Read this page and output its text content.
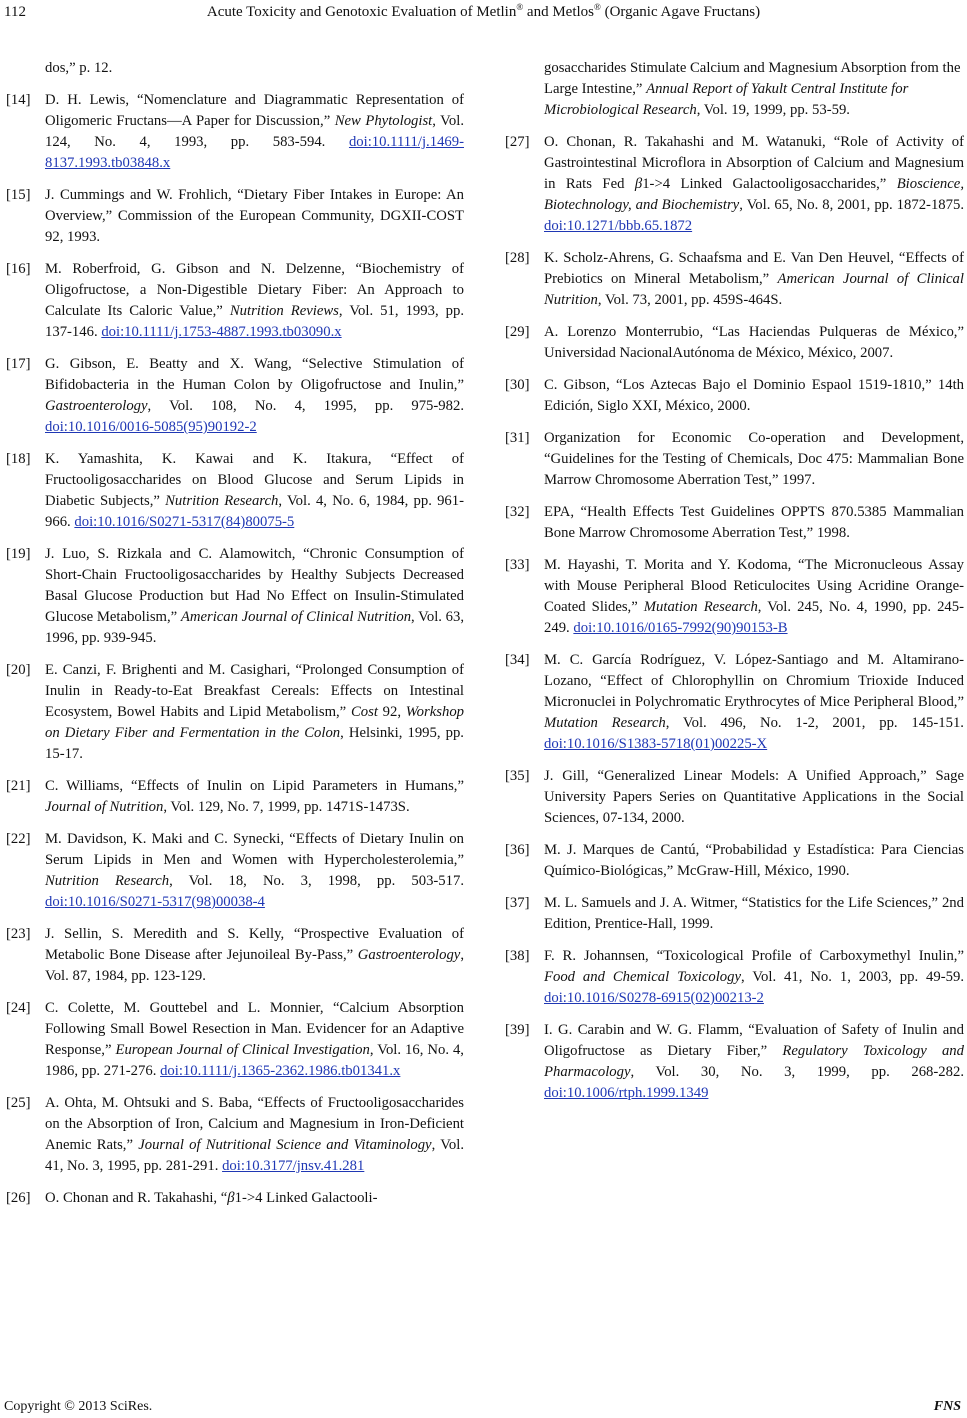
112	Acute Toxicity and Genotoxic Evaluation of Metlin® and Metlos® (Organic Agave Fructans)
dos,” p. 12.
[14] D. H. Lewis, “Nomenclature and Diagrammatic Representation of Oligomeric Fructans—A Paper for Discussion,” New Phytologist, Vol. 124, No. 4, 1993, pp. 583-594. doi:10.1111/j.1469-8137.1993.tb03848.x
[15] J. Cummings and W. Frohlich, “Dietary Fiber Intakes in Europe: An Overview,” Commission of the European Community, DGXII-COST 92, 1993.
[16] M. Roberfroid, G. Gibson and N. Delzenne, “Biochemistry of Oligofructose, a Non-Digestible Dietary Fiber: An Approach to Calculate Its Caloric Value,” Nutrition Reviews, Vol. 51, 1993, pp. 137-146. doi:10.1111/j.1753-4887.1993.tb03090.x
[17] G. Gibson, E. Beatty and X. Wang, “Selective Stimulation of Bifidobacteria in the Human Colon by Oligofructose and Inulin,” Gastroenterology, Vol. 108, No. 4, 1995, pp. 975-982. doi:10.1016/0016-5085(95)90192-2
[18] K. Yamashita, K. Kawai and K. Itakura, “Effect of Fructooligosaccharides on Blood Glucose and Serum Lipids in Diabetic Subjects,” Nutrition Research, Vol. 4, No. 6, 1984, pp. 961-966. doi:10.1016/S0271-5317(84)80075-5
[19] J. Luo, S. Rizkala and C. Alamowitch, “Chronic Consumption of Short-Chain Fructooligosaccharides by Healthy Subjects Decreased Basal Glucose Production but Had No Effect on Insulin-Stimulated Glucose Metabolism,” American Journal of Clinical Nutrition, Vol. 63, 1996, pp. 939-945.
[20] E. Canzi, F. Brighenti and M. Casighari, “Prolonged Consumption of Inulin in Ready-to-Eat Breakfast Cereals: Effects on Intestinal Ecosystem, Bowel Habits and Lipid Metabolism,” Cost 92, Workshop on Dietary Fiber and Fermentation in the Colon, Helsinki, 1995, pp. 15-17.
[21] C. Williams, “Effects of Inulin on Lipid Parameters in Humans,” Journal of Nutrition, Vol. 129, No. 7, 1999, pp. 1471S-1473S.
[22] M. Davidson, K. Maki and C. Synecki, “Effects of Dietary Inulin on Serum Lipids in Men and Women with Hypercholesterolemia,” Nutrition Research, Vol. 18, No. 3, 1998, pp. 503-517. doi:10.1016/S0271-5317(98)00038-4
[23] J. Sellin, S. Meredith and S. Kelly, “Prospective Evaluation of Metabolic Bone Disease after Jejunoileal By-Pass,” Gastroenterology, Vol. 87, 1984, pp. 123-129.
[24] C. Colette, M. Gouttebel and L. Monnier, “Calcium Absorption Following Small Bowel Resection in Man. Evidencer for an Adaptive Response,” European Journal of Clinical Investigation, Vol. 16, No. 4, 1986, pp. 271-276. doi:10.1111/j.1365-2362.1986.tb01341.x
[25] A. Ohta, M. Ohtsuki and S. Baba, “Effects of Fructooligosaccharides on the Absorption of Iron, Calcium and Magnesium in Iron-Deficient Anemic Rats,” Journal of Nutritional Science and Vitaminology, Vol. 41, No. 3, 1995, pp. 281-291. doi:10.3177/jnsv.41.281
[26] O. Chonan and R. Takahashi, “β1->4 Linked Galactooli-
gosaccharides Stimulate Calcium and Magnesium Absorption from the Large Intestine,” Annual Report of Yakult Central Institute for Microbiological Research, Vol. 19, 1999, pp. 53-59.
[27] O. Chonan, R. Takahashi and M. Watanuki, “Role of Activity of Gastrointestinal Microflora in Absorption of Calcium and Magnesium in Rats Fed β1->4 Linked Galactooligosaccharides,” Bioscience, Biotechnology, and Biochemistry, Vol. 65, No. 8, 2001, pp. 1872-1875. doi:10.1271/bbb.65.1872
[28] K. Scholz-Ahrens, G. Schaafsma and E. Van Den Heuvel, “Effects of Prebiotics on Mineral Metabolism,” American Journal of Clinical Nutrition, Vol. 73, 2001, pp. 459S-464S.
[29] A. Lorenzo Monterrubio, “Las Haciendas Pulqueras de México,” Universidad NacionalAutónoma de México, México, 2007.
[30] C. Gibson, “Los Aztecas Bajo el Dominio Espaol 1519-1810,” 14th Edición, Siglo XXI, México, 2000.
[31] Organization for Economic Co-operation and Development, “Guidelines for the Testing of Chemicals, Doc 475: Mammalian Bone Marrow Chromosome Aberration Test,” 1997.
[32] EPA, “Health Effects Test Guidelines OPPTS 870.5385 Mammalian Bone Marrow Chromosome Aberration Test,” 1998.
[33] M. Hayashi, T. Morita and Y. Kodoma, “The Micronucleous Assay with Mouse Peripheral Blood Reticulocites Using Acridine Orange-Coated Slides,” Mutation Research, Vol. 245, No. 4, 1990, pp. 245-249. doi:10.1016/0165-7992(90)90153-B
[34] M. C. García Rodríguez, V. López-Santiago and M. Altamirano-Lozano, “Effect of Chlorophyllin on Chromium Trioxide Induced Micronuclei in Polychromatic Erythrocytes of Mice Peripheral Blood,” Mutation Research, Vol. 496, No. 1-2, 2001, pp. 145-151. doi:10.1016/S1383-5718(01)00225-X
[35] J. Gill, “Generalized Linear Models: A Unified Approach,” Sage University Papers Series on Quantitative Applications in the Social Sciences, 07-134, 2000.
[36] M. J. Marques de Cantú, “Probabilidad y Estadística: Para Ciencias Químico-Biológicas,” McGraw-Hill, México, 1990.
[37] M. L. Samuels and J. A. Witmer, “Statistics for the Life Sciences,” 2nd Edition, Prentice-Hall, 1999.
[38] F. R. Johannsen, “Toxicological Profile of Carboxymethyl Inulin,” Food and Chemical Toxicology, Vol. 41, No. 1, 2003, pp. 49-59. doi:10.1016/S0278-6915(02)00213-2
[39] I. G. Carabin and W. G. Flamm, “Evaluation of Safety of Inulin and Oligofructose as Dietary Fiber,” Regulatory Toxicology and Pharmacology, Vol. 30, No. 3, 1999, pp. 268-282. doi:10.1006/rtph.1999.1349
Copyright © 2013 SciRes.	FNS
